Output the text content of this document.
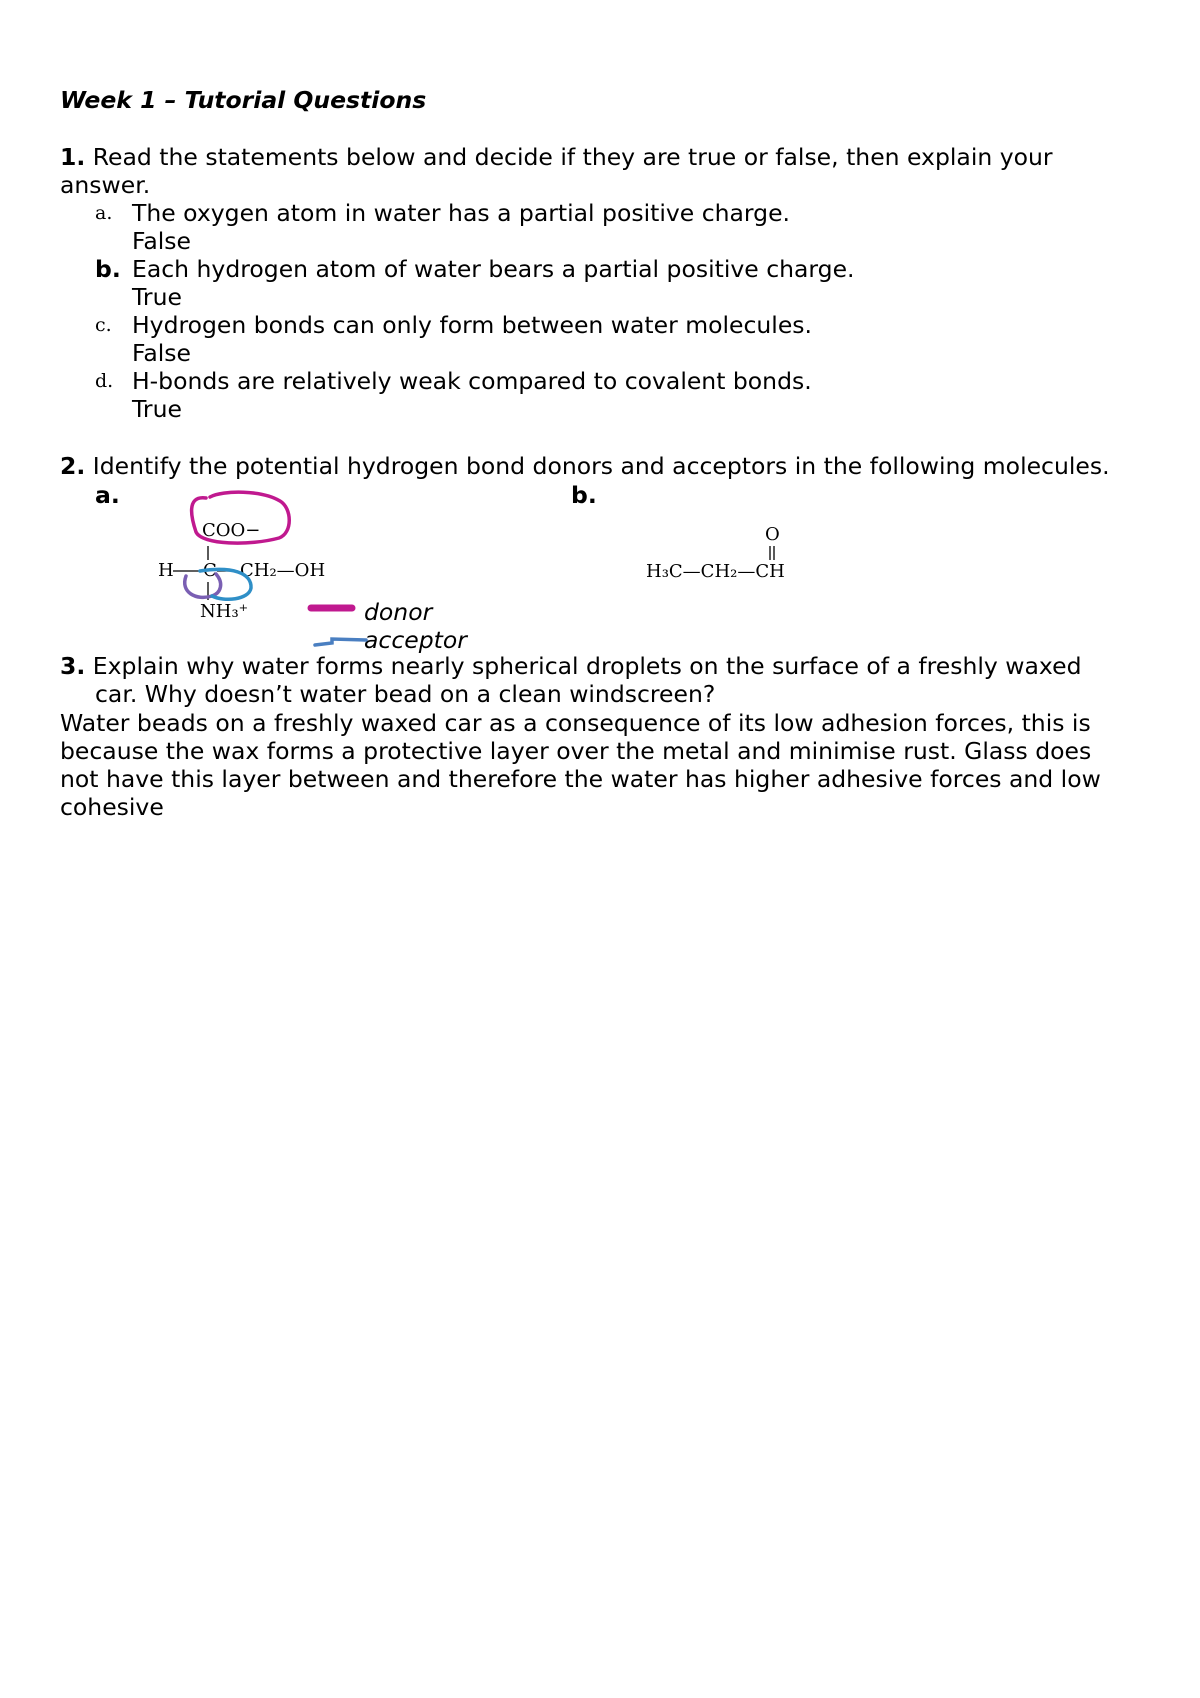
Week 1 – Tutorial Questions
1. Read the statements below and decide if they are true or false, then explain your
answer.
a. The oxygen atom in water has a partial positive charge.
False
b. Each hydrogen atom of water bears a partial positive charge.
True
c. Hydrogen bonds can only form between water molecules.
False
d. H-bonds are relatively weak compared to covalent bonds.
True
2. Identify the potential hydrogen bond donors and acceptors in the following molecules.
a.	b.
COO−
H C CH₂—OH
NH₃⁺
O
H₃C—CH₂—CH
donor
acceptor
3. Explain why water forms nearly spherical droplets on the surface of a freshly waxed
car. Why doesn’t water bead on a clean windscreen?
Water beads on a freshly waxed car as a consequence of its low adhesion forces, this is
because the wax forms a protective layer over the metal and minimise rust. Glass does
not have this layer between and therefore the water has higher adhesive forces and low
cohesive
